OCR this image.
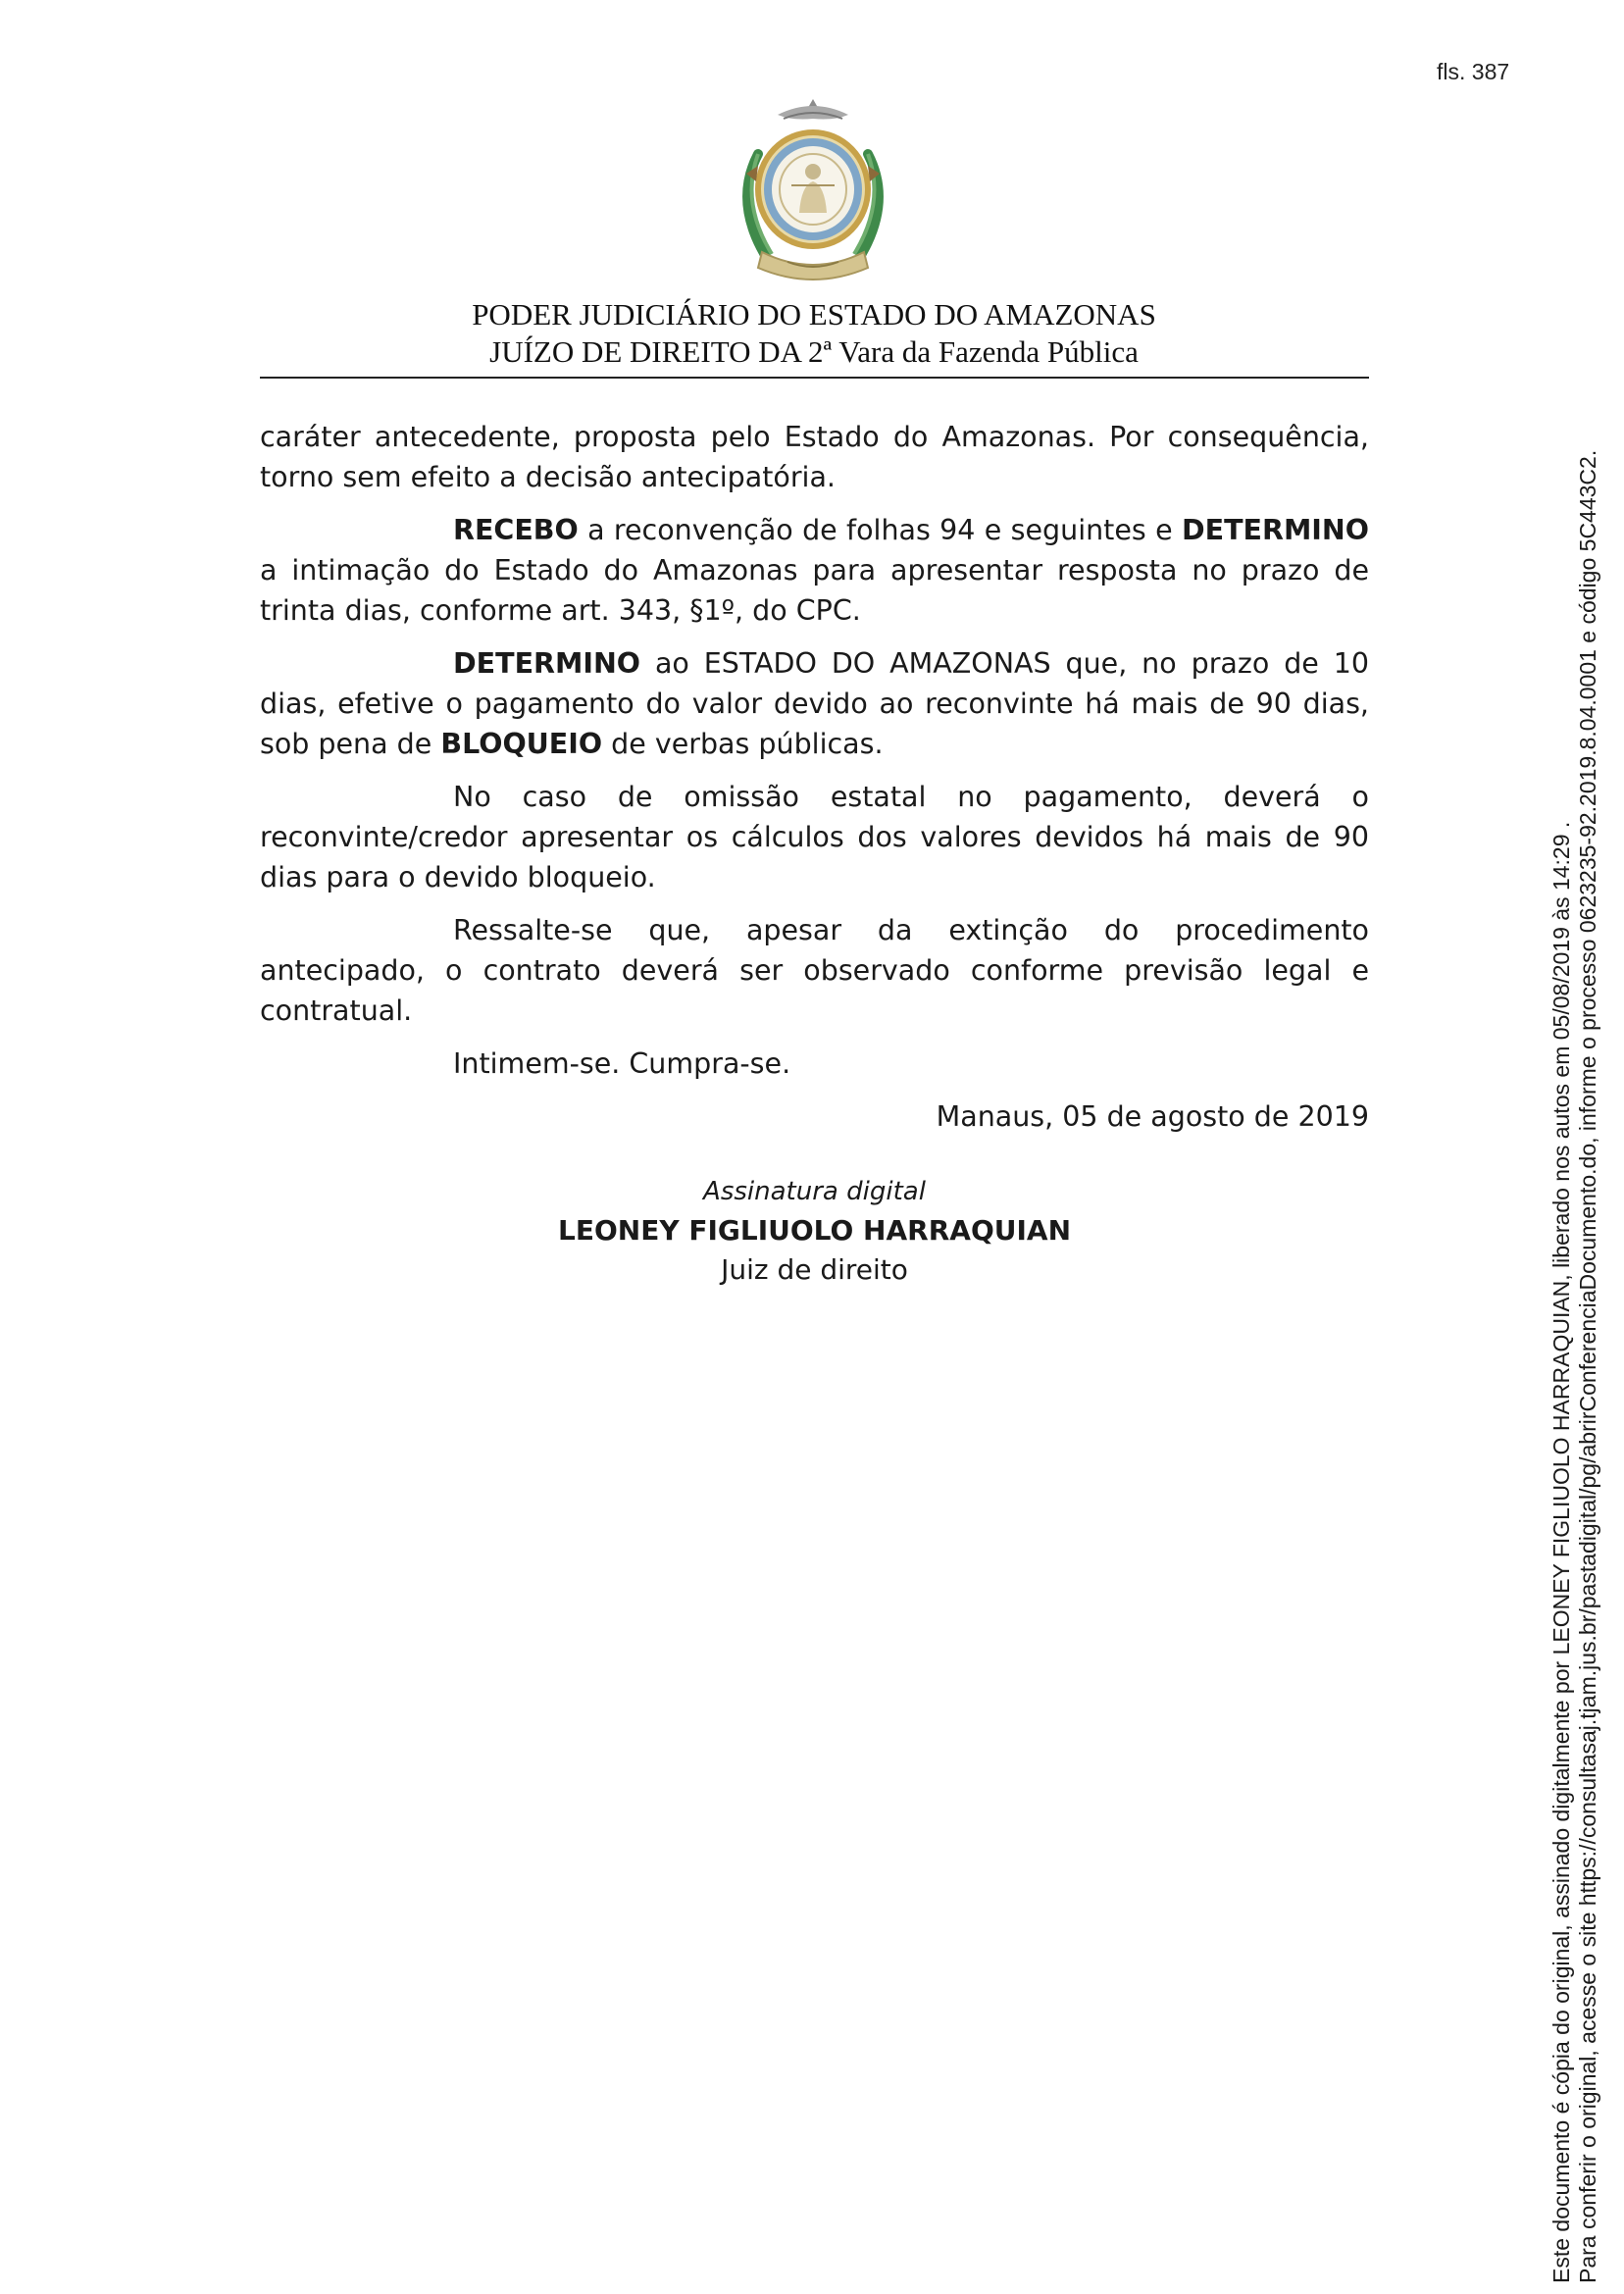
fls. 387
PODER JUDICIÁRIO DO ESTADO DO AMAZONAS
JUÍZO DE DIREITO DA 2ª Vara da Fazenda Pública

caráter antecedente, proposta pelo Estado do Amazonas. Por consequência, torno sem efeito a decisão antecipatória.

RECEBO a reconvenção de folhas 94 e seguintes e DETERMINO a intimação do Estado do Amazonas para apresentar resposta no prazo de trinta dias, conforme art. 343, §1º, do CPC.

DETERMINO ao ESTADO DO AMAZONAS que, no prazo de 10 dias, efetive o pagamento do valor devido ao reconvinte há mais de 90 dias, sob pena de BLOQUEIO de verbas públicas.

No caso de omissão estatal no pagamento, deverá o reconvinte/credor apresentar os cálculos dos valores devidos há mais de 90 dias para o devido bloqueio.

Ressalte-se que, apesar da extinção do procedimento antecipado, o contrato deverá ser observado conforme previsão legal e contratual.

Intimem-se. Cumpra-se.

Manaus, 05 de agosto de 2019

Assinatura digital
LEONEY FIGLIUOLO HARRAQUIAN
Juiz de direito	Este documento é cópia do original, assinado digitalmente por LEONEY FIGLIUOLO HARRAQUIAN, liberado nos autos em 05/08/2019 às 14:29 . Para conferir o original, acesse o site https://consultasaj.tjam.jus.br/pastadigital/pg/abrirConferenciaDocumento.do, informe o processo 0623235-92.2019.8.04.0001 e código 5C443C2.
